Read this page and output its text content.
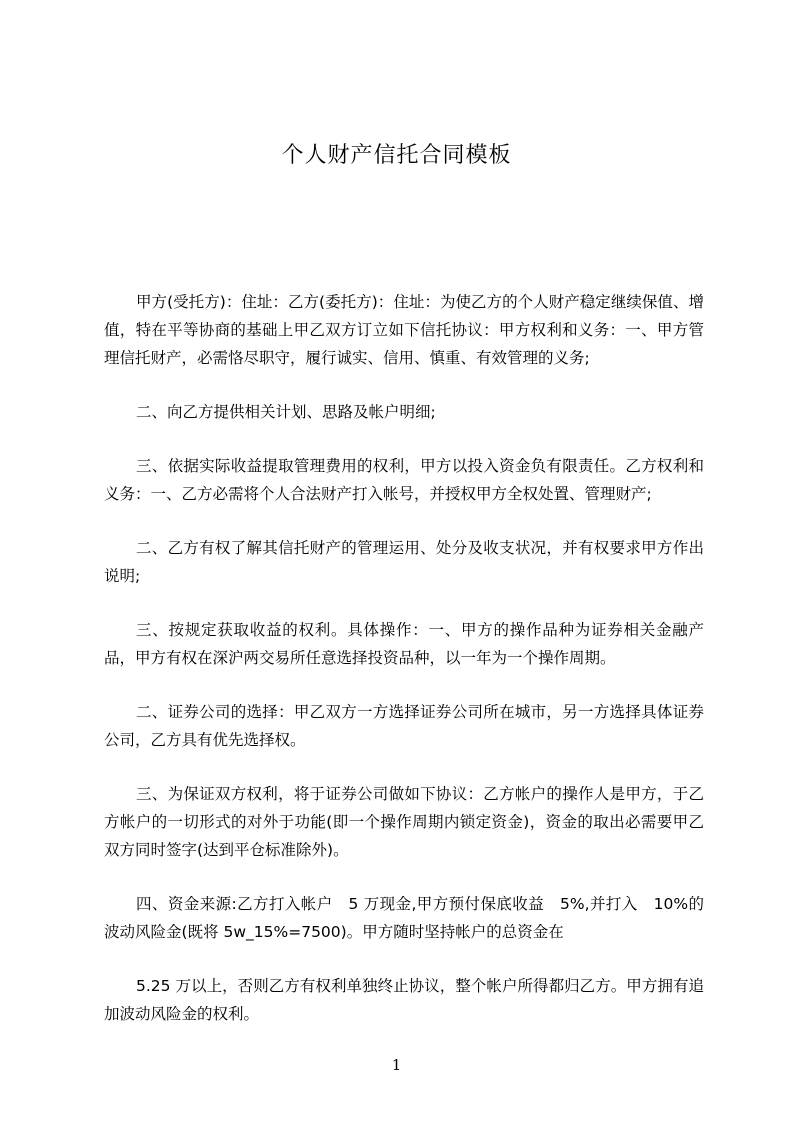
个人财产信托合同模板

甲方(受托方)：住址：乙方(委托方)：住址：为使乙方的个人财产稳定继续保值、增值，特在平等协商的基础上甲乙双方订立如下信托协议：甲方权利和义务：一、甲方管理信托财产，必需恪尽职守，履行诚实、信用、慎重、有效管理的义务;

二、向乙方提供相关计划、思路及帐户明细;

三、依据实际收益提取管理费用的权利，甲方以投入资金负有限责任。乙方权利和义务：一、乙方必需将个人合法财产打入帐号，并授权甲方全权处置、管理财产;

二、乙方有权了解其信托财产的管理运用、处分及收支状况，并有权要求甲方作出说明;

三、按规定获取收益的权利。具体操作：一、甲方的操作品种为证券相关金融产品，甲方有权在深沪两交易所任意选择投资品种，以一年为一个操作周期。

二、证券公司的选择：甲乙双方一方选择证券公司所在城市，另一方选择具体证券公司，乙方具有优先选择权。

三、为保证双方权利，将于证券公司做如下协议：乙方帐户的操作人是甲方，于乙方帐户的一切形式的对外于功能(即一个操作周期内锁定资金)，资金的取出必需要甲乙双方同时签字(达到平仓标准除外)。

四、资金来源:乙方打入帐户　5 万现金,甲方预付保底收益　5%,并打入　10%的波动风险金(既将 5w_15%=7500)。甲方随时坚持帐户的总资金在

5.25 万以上，否则乙方有权利单独终止协议，整个帐户所得都归乙方。甲方拥有追加波动风险金的权利。

1
